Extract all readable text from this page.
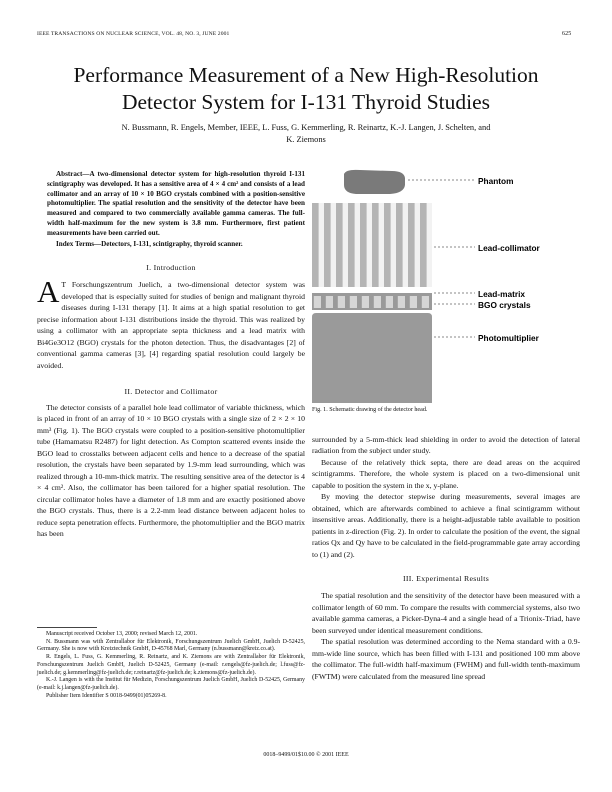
IEEE TRANSACTIONS ON NUCLEAR SCIENCE, VOL. 48, NO. 3, JUNE 2001	625
Performance Measurement of a New High-Resolution
Detector System for I-131 Thyroid Studies
N. Bussmann, R. Engels, Member, IEEE, L. Fuss, G. Kemmerling, R. Reinartz, K.-J. Langen, J. Schelten, and
K. Ziemons

Abstract—A two-dimensional detector system for high-resolution thyroid I-131 scintigraphy was developed. It has a sensitive area of 4 × 4 cm² and consists of a lead collimator and an array of 10 × 10 BGO crystals combined with a position-sensitive photomultiplier. The spatial resolution and the sensitivity of the detector have been measured and compared to two commercially available gamma cameras. The full-width half-maximum for the new system is 3.8 mm. Furthermore, first patient measurements have been carried out.

Index Terms—Detectors, I-131, scintigraphy, thyroid scanner.

I. Introduction
A T Forschungszentrum Juelich, a two-dimensional detector system was developed that is especially suited for studies of benign and malignant thyroid diseases during I-131 therapy [1]. It aims at a high spatial resolution to get precise information about I-131 distributions inside the thyroid. This was realized by using a collimator with an appropriate septa thickness and a lead matrix with Bi4Ge3O12 (BGO) crystals for the photon detection. Thus, the disadvantages [2] of conventional gamma cameras [3], [4] regarding spatial resolution could largely be avoided.
II. Detector and Collimator

The detector consists of a parallel hole lead collimator of variable thickness, which is placed in front of an array of 10 × 10 BGO crystals with a single size of 2 × 2 × 10 mm³ (Fig. 1). The BGO crystals were coupled to a position-sensitive photomultiplier tube (Hamamatsu R2487) for light detection. As Compton scattered events inside the BGO lead to crosstalks between adjacent cells and hence to a decrease of the spatial resolution, the crystals have been separated by 1.9-mm lead surrounding, which was realized through a 10-mm-thick matrix. The resulting sensitive area of the detector is 4 × 4 cm². Also, the collimator has been tailored for a higher spatial resolution. The circular collimator holes have a diameter of 1.8 mm and are exactly positioned above the BGO crystals. Thus, there is a 2.2-mm lead distance between adjacent holes to reduce septa penetration effects. Furthermore, the photomultiplier and the BGO matrix has been

Manuscript received October 13, 2000; revised March 12, 2001.

N. Bussmann was with Zentrallabor für Elektronik, Forschungszentrum Juelich GmbH, Juelich D-52425, Germany. She is now with Kreiztechnik GmbH, D-45768 Marl, Germany (n.bussmann@kreiz.co.at).

R. Engels, L. Fuss, G. Kemmerling, R. Reinartz, and K. Ziemons are with Zentrallabor für Elektronik, Forschungszentrum Juelich GmbH, Juelich D-52425, Germany (e-mail: r.engels@fz-juelich.de; l.fuss@fz-juelich.de; g.kemmerling@fz-juelich.de; r.reinartz@fz-juelich.de; k.ziemons@fz-juelich.de).

K.-J. Langen is with the Institut für Medizin, Forschungszentrum Juelich GmbH, Juelich D-52425, Germany (e-mail: k.j.langen@fz-juelich.de).

Publisher Item Identifier S 0018-9499(01)05269-8.

Phantom
Lead-collimator
Lead-matrix
BGO crystals
Photomultiplier
Fig. 1. Schematic drawing of the detector head.

surrounded by a 5-mm-thick lead shielding in order to avoid the detection of lateral radiation from the subject under study.

Because of the relatively thick septa, there are dead areas on the acquired scintigramms. Therefore, the whole system is placed on a two-dimensional unit capable to position the system in the x, y-plane.

By moving the detector stepwise during measurements, several images are obtained, which are afterwards combined to achieve a final scintigramm without insensitive areas. Additionally, there is a height-adjustable table available to position patients in z-direction (Fig. 2). In order to calculate the position of the event, the signal ratios Qx and Qy have to be calculated in the field-programmable gate array according to (1) and (2).

III. Experimental Results

The spatial resolution and the sensitivity of the detector have been measured with a collimator length of 60 mm. To compare the results with commercial systems, also two available gamma cameras, a Picker-Dyna-4 and a single head of a Trionix-Triad, have been surveyed under identical measurement conditions.

The spatial resolution was determined according to the Nema standard with a 0.9-mm-wide line source, which has been filled with I-131 and positioned 100 mm above the collimator. The full-width half-maximum (FWHM) and full-width tenth-maximum (FWTM) were calculated from the measured line spread

0018–9499/01$10.00 © 2001 IEEE
